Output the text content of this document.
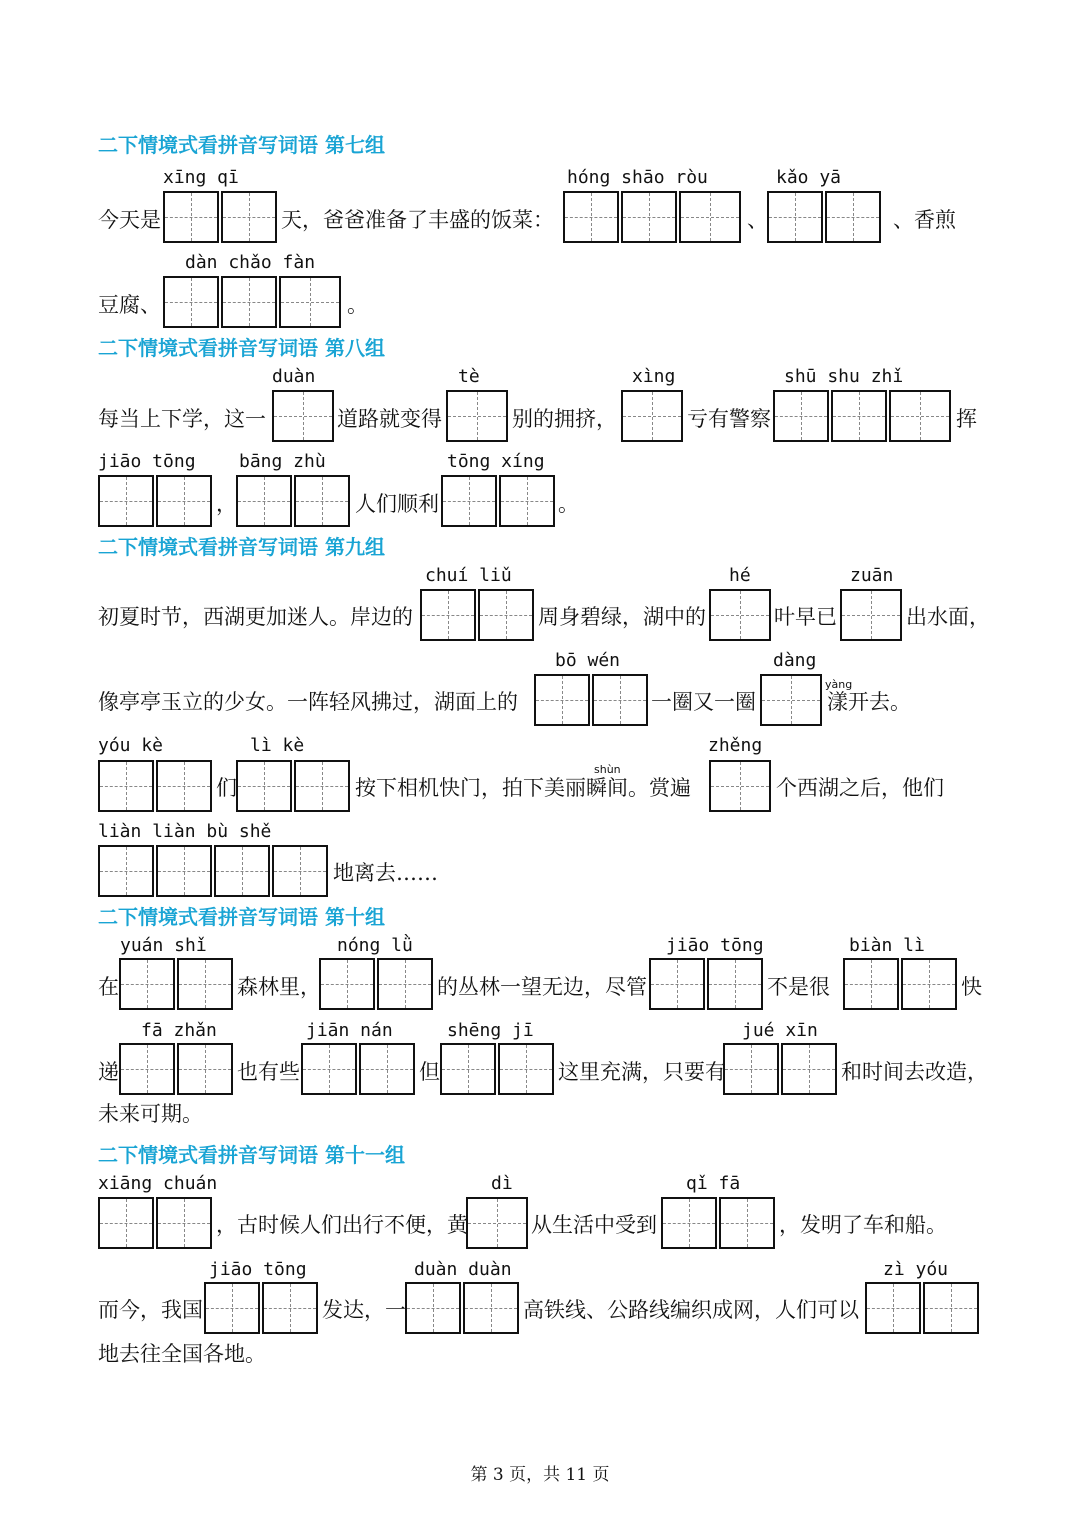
二下情境式看拼音写词语 第七组
xīng qī	hóng shāo ròu	kǎo yā
今天是	天，爸爸准备了丰盛的饭菜：	、	、香煎
dàn chǎo fàn
豆腐、	。
二下情境式看拼音写词语 第八组
duàn	tè	xìng	shū shu zhǐ
每当上下学，这一	道路就变得	别的拥挤，	亏有警察	挥
jiāo tōng bāng zhù	tōng xíng
，	人们顺利	。
二下情境式看拼音写词语 第九组
chuí liǔ	hé	zuān
初夏时节，西湖更加迷人。岸边的	周身碧绿，湖中的	叶早已	出水面，
bō wén	dàng
像亭亭玉立的少女。一阵轻风拂过，湖面上的	一圈又一圈
yàng
漾开去。
yóu kè	lì kè	zhěng
们
shùn
按下相机快门，拍下美丽瞬间。赏遍	个西湖之后，他们
liàn liàn bù shě
地离去……
二下情境式看拼音写词语 第十组
yuán shǐ	nóng lǜ	jiāo tōng	biàn lì
在	森林里，	的丛林一望无边，尽管	不是很	快
fā zhǎn	jiān nán	shēng jī	jué xīn
递	也有些	但	这里充满，只要有	和时间去改造，
未来可期。
二下情境式看拼音写词语 第十一组
xiāng chuán	dì	qǐ fā
，古时候人们出行不便，黄	从生活中受到	，发明了车和船。
jiāo tōng	duàn duàn	zì yóu
而今，我国	发达，一	高铁线、公路线编织成网，人们可以
地去往全国各地。
第 3 页，共 11 页
